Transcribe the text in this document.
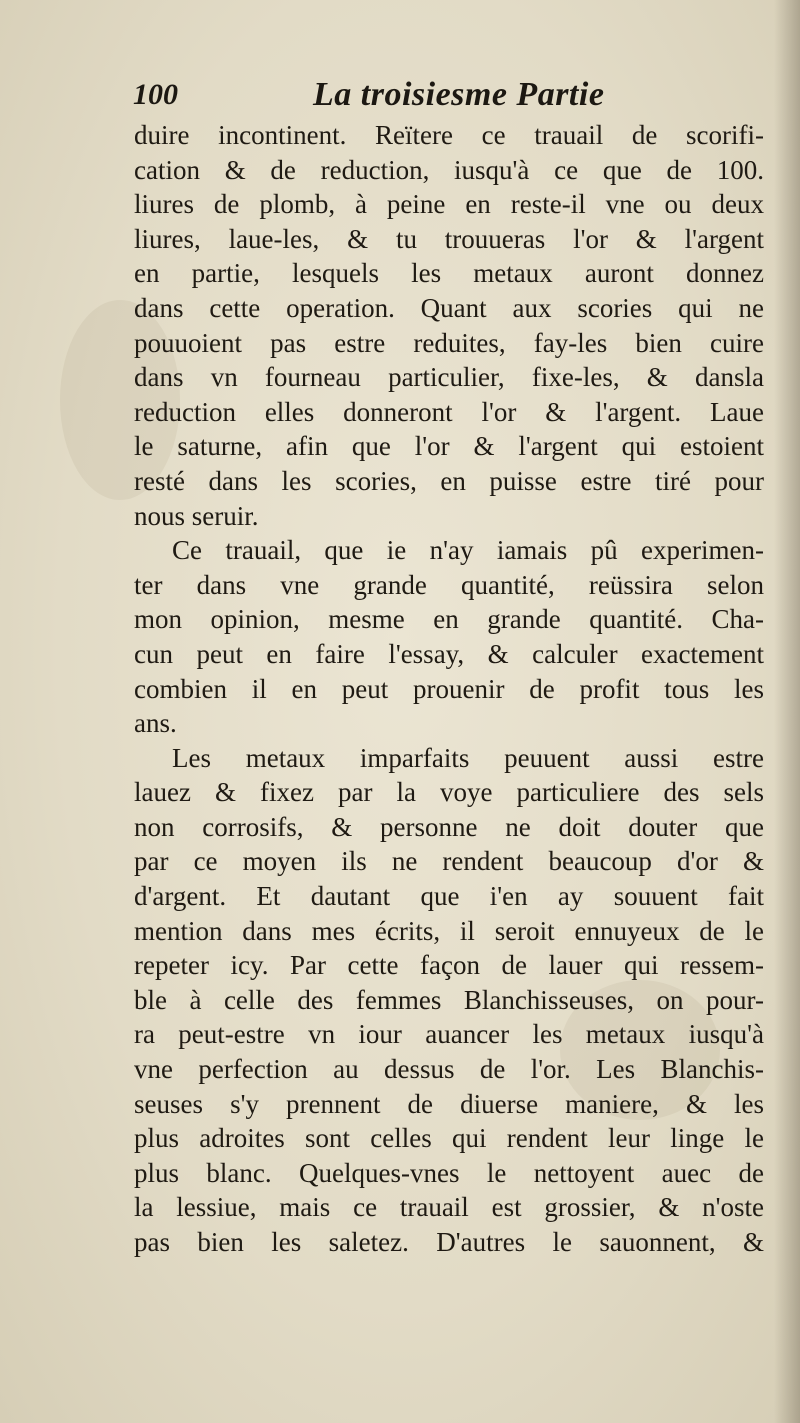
100	La troisiesme Partie
duire incontinent. Reïtere ce trauail de scorifi-
cation & de reduction, iusqu'à ce que de 100.
liures de plomb, à peine en reste-il vne ou deux
liures, laue-les, & tu trouueras l'or & l'argent
en partie, lesquels les metaux auront donnez
dans cette operation. Quant aux scories qui ne
pouuoient pas estre reduites, fay-les bien cuire
dans vn fourneau particulier, fixe-les, & dansla
reduction elles donneront l'or & l'argent. Laue
le saturne, afin que l'or & l'argent qui estoient
resté dans les scories, en puisse estre tiré pour
nous seruir.
Ce trauail, que ie n'ay iamais pû experimen-
ter dans vne grande quantité, reüssira selon
mon opinion, mesme en grande quantité. Cha-
cun peut en faire l'essay, & calculer exactement
combien il en peut prouenir de profit tous les
ans.
Les metaux imparfaits peuuent aussi estre
lauez & fixez par la voye particuliere des sels
non corrosifs, & personne ne doit douter que
par ce moyen ils ne rendent beaucoup d'or &
d'argent. Et dautant que i'en ay souuent fait
mention dans mes écrits, il seroit ennuyeux de le
repeter icy. Par cette façon de lauer qui ressem-
ble à celle des femmes Blanchisseuses, on pour-
ra peut-estre vn iour auancer les metaux iusqu'à
vne perfection au dessus de l'or. Les Blanchis-
seuses s'y prennent de diuerse maniere, & les
plus adroites sont celles qui rendent leur linge le
plus blanc. Quelques-vnes le nettoyent auec de
la lessiue, mais ce trauail est grossier, & n'oste
pas bien les saletez. D'autres le sauonnent, &
